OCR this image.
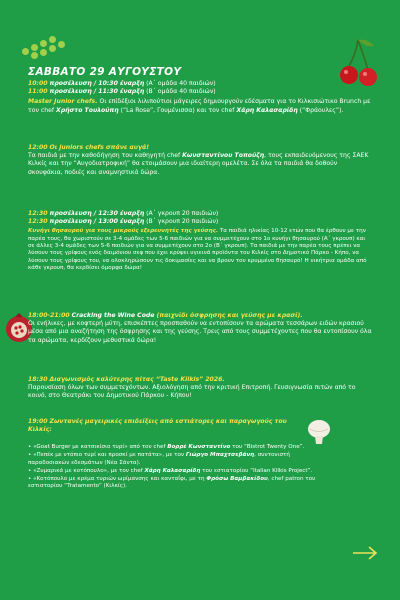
ΣΑΒΒΑΤΟ 29 ΑΥΓΟΥΣΤΟΥ
10:00 προσέλευση / 10:30 έναρξη (Α΄ ομάδα 40 παιδιών)
11:00 προσέλευση / 11:30 έναρξη (Β΄ ομάδα 40 παιδιών)
Master Junior chefs. Οι επίδέξιοι λιλιπούτιοι μάγειρες δημιουργούν εδέσματα για το Κιλκισιώτικο Brunch με τον chef Χρήστο Τουλούπη (“La Rose”, Γουμένισσα) και τον chef Χάρη Καλασαρίδη (“Φράουλες”).
12:00 Οι juniors chefs σπάνε αυγά!
Τα παιδιά με την καθοδήγηση του καθηγητή chef Κωνσταντίνου Τοπούζη, τους εκπαιδευόμενους της ΣΑΕΚ Κιλκίς και την “Αυγοδιατροφική” θα ετοιμάσουν μια ιδιαίτερη ομελέτα. Σε όλα τα παιδιά θα δοθούν σκουφάκια, ποδιές και αναμνηστικά δώρα.
12:30 προσέλευση / 12:30 έναρξη (Α΄ γκρουπ 20 παιδιών)
12:30 προσέλευση / 13:00 έναρξη (Β΄ γκρουπ 20 παιδιών)
Κυνήγι θησαυρού για τους μικρούς εξερευνητές της γεύσης. Τα παιδιά ηλικίας 10-12 ετών που θα έρθουν με την παρέα τους, θα χωριστούν σε 3-4 ομάδες των 5-6 παιδιών για να συμμετέχουν στο 1ο κυνήγι θησαυρού (Α΄ γκρουπ) και σε άλλες 3-4 ομάδες των 5-6 παιδιών για να συμμετέχουν στο 2ο (Β΄ γκρουπ). Τα παιδιά με την παρέα τους πρέπει να λύσουν τους γρίφους ενός δαιμόνιου σεφ που έχει κρύψει υγιεινά προϊόντα του Κιλκίς στο Δημοτικό Πάρκο - Κήπο, να λύσουν τους γρίφους του, να ολοκληρώσουν τις δοκιμασίες και να βρουν τον κρυμμένο θησαυρό! Η νικήτρια ομάδα από κάθε γκρουπ, θα κερδίσει όμορφα δώρα!
18:00-21:00 Cracking the Wine Code (παιχνίδι όσφρησης και γεύσης με κρασί).
Οι ενήλικες, με κοφτερή μύτη, επισκέπτες προσπαθούν να εντοπίσουν τα αρώματα τεσσάρων ειδών κρασιού μέσα από μια αναζήτηση της όσφρησης και της γεύσης. Τρεις από τους συμμετέχοντες που θα εντοπίσουν όλα τα αρώματα, κερδίζουν μεθυστικά δώρα!
18:30 Διαγωνισμός καλύτερης πίτας “Taste Kilkis” 2026.
Παρουσίαση όλων των συμμετεχόντων. Αξιολόγηση από την κριτική Επιτροπή. Γευσιγνωσία πιτών από το κοινό, στο Θεατράκι του Δημοτικού Πάρκου - Κήπου!
19:00 Ζωντανές μαγειρικές επιδείξεις από εστιάτορες και παραγωγούς του Κιλκίς:
• «Goat Burger με κατσικίσιο τυρί» από τον chef Βορρέ Κωνσταντίνο του “Bistrot Twenty One”.
• «Πεπέκ με ντόπιο τυρί και προσκί με πατάτα», με τον Γιώργο Μπαχτσεβάνη, συντονιστή παραδοσιακών εδεσμάτων (Νέα Σάντα).
• «Ζυμαρικά με κοτόπουλο», με τον chef Χάρη Καλασαρίδη του εστιατορίου “Italian Kilkis Project”.
• «Κοτόπουλο με κρέμα τυριών ωρίμανσης και κανταΐφι, με τη Φρόσω Βαμβακίδου, chef patron του εστιατορίου “Tratamento” (Κιλκίς).
